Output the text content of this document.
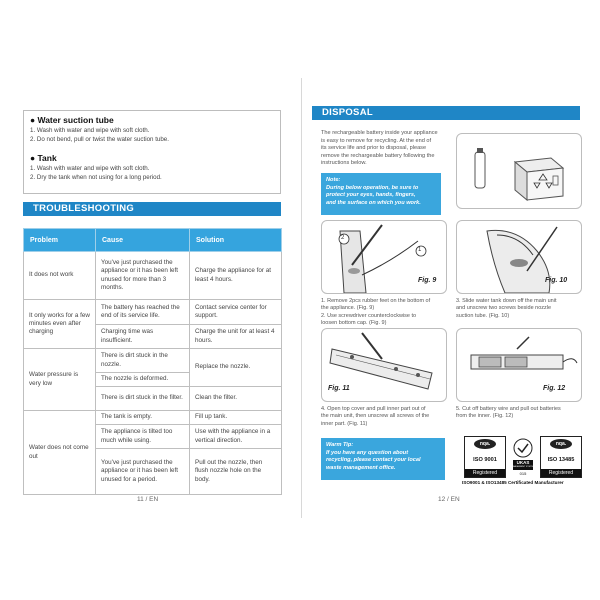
● Water suction tube
1. Wash with water and wipe with soft cloth.
2. Do not bend, pull or twist the water suction tube.
● Tank
1. Wash with water and wipe with soft cloth.
2. Dry the tank when not using for a long period.
TROUBLESHOOTING
Problem	Cause	Solution
It does not work	You've just purchased the appliance or it has been left unused for more than 3 months.	Charge the appliance for at least 4 hours.
It only works for a few minutes even after charging	The battery has reached the end of its service life.	Contact service center for support.
	Charging time was insufficient.	Charge the unit for at least 4 hours.
Water pressure is very low	There is dirt stuck in the nozzle.	Replace the nozzle.
	The nozzle is deformed.	
	There is dirt stuck in the filter.	Clean the filter.
Water does not come out	The tank is empty.	Fill up tank.
	The appliance is tilted too much while using.	Use with the appliance in a vertical direction.
	You've just purchased the appliance or it has been left unused for a period.	Pull out the nozzle, then flush nozzle hole on the body.
11 / EN
DISPOSAL
The rechargeable battery inside your appliance
is easy to remove for recycling. At the end of
its service life and prior to disposal, please
remove the rechargeable battery following the
instructions below.
Note:
During below operation, be sure to
protect your eyes, hands, fingers,
and the surface on which you work.
2
1
Fig. 9	Fig. 10
1. Remove 2pcs rubber feet on the bottom of
the appliance. (Fig. 9)
2. Use screwdriver counterclockwise to
loosen bottom cap. (Fig. 9)
3. Slide water tank down off the main unit
and unscrew two screws beside nozzle
suction tube. (Fig. 10)
Fig. 11	Fig. 12
4. Open top cover and pull inner part out of
the main unit, then unscrew all screws of the
inner part. (Fig. 11)
5. Cut off battery wire and pull out batteries
from the inner. (Fig. 12)
Warm Tip:
If you have any question about
recycling, please contact your local
waste management office.
nqa.
ISO 9001
Registered
UKAS
MANAGEMENT SYSTEMS
015
nqa.
ISO 13485
Registered
ISO9001 & ISO13485 Certificated Manufacturer
12 / EN
